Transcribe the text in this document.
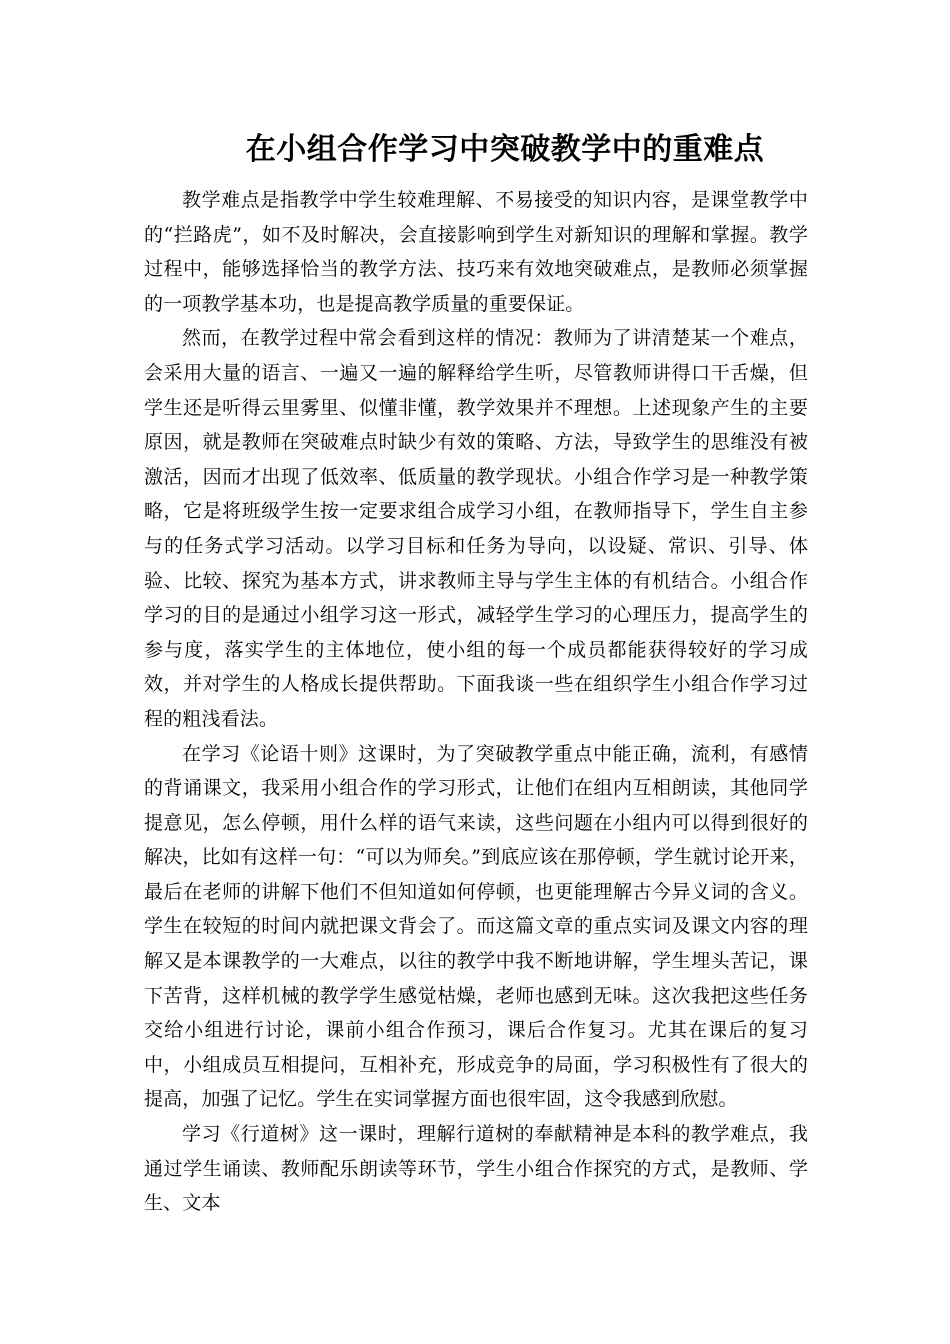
在小组合作学习中突破教学中的重难点

教学难点是指教学中学生较难理解、不易接受的知识内容，是课堂教学中的“拦路虎”，如不及时解决，会直接影响到学生对新知识的理解和掌握。教学过程中，能够选择恰当的教学方法、技巧来有效地突破难点，是教师必须掌握的一项教学基本功，也是提高教学质量的重要保证。

然而，在教学过程中常会看到这样的情况：教师为了讲清楚某一个难点，会采用大量的语言、一遍又一遍的解释给学生听，尽管教师讲得口干舌燥，但学生还是听得云里雾里、似懂非懂，教学效果并不理想。上述现象产生的主要原因，就是教师在突破难点时缺少有效的策略、方法，导致学生的思维没有被激活，因而才出现了低效率、低质量的教学现状。小组合作学习是一种教学策略，它是将班级学生按一定要求组合成学习小组，在教师指导下，学生自主参与的任务式学习活动。以学习目标和任务为导向，以设疑、常识、引导、体验、比较、探究为基本方式，讲求教师主导与学生主体的有机结合。小组合作学习的目的是通过小组学习这一形式，减轻学生学习的心理压力，提高学生的参与度，落实学生的主体地位，使小组的每一个成员都能获得较好的学习成效，并对学生的人格成长提供帮助。下面我谈一些在组织学生小组合作学习过程的粗浅看法。

在学习《论语十则》这课时，为了突破教学重点中能正确，流利，有感情的背诵课文，我采用小组合作的学习形式，让他们在组内互相朗读，其他同学提意见，怎么停顿，用什么样的语气来读，这些问题在小组内可以得到很好的解决，比如有这样一句：“可以为师矣。”到底应该在那停顿，学生就讨论开来，最后在老师的讲解下他们不但知道如何停顿，也更能理解古今异义词的含义。学生在较短的时间内就把课文背会了。而这篇文章的重点实词及课文内容的理解又是本课教学的一大难点，以往的教学中我不断地讲解，学生埋头苦记，课下苦背，这样机械的教学学生感觉枯燥，老师也感到无味。这次我把这些任务交给小组进行讨论，课前小组合作预习，课后合作复习。尤其在课后的复习中，小组成员互相提问，互相补充，形成竞争的局面，学习积极性有了很大的提高，加强了记忆。学生在实词掌握方面也很牢固，这令我感到欣慰。

学习《行道树》这一课时，理解行道树的奉献精神是本科的教学难点，我通过学生诵读、教师配乐朗读等环节，学生小组合作探究的方式，是教师、学生、文本
